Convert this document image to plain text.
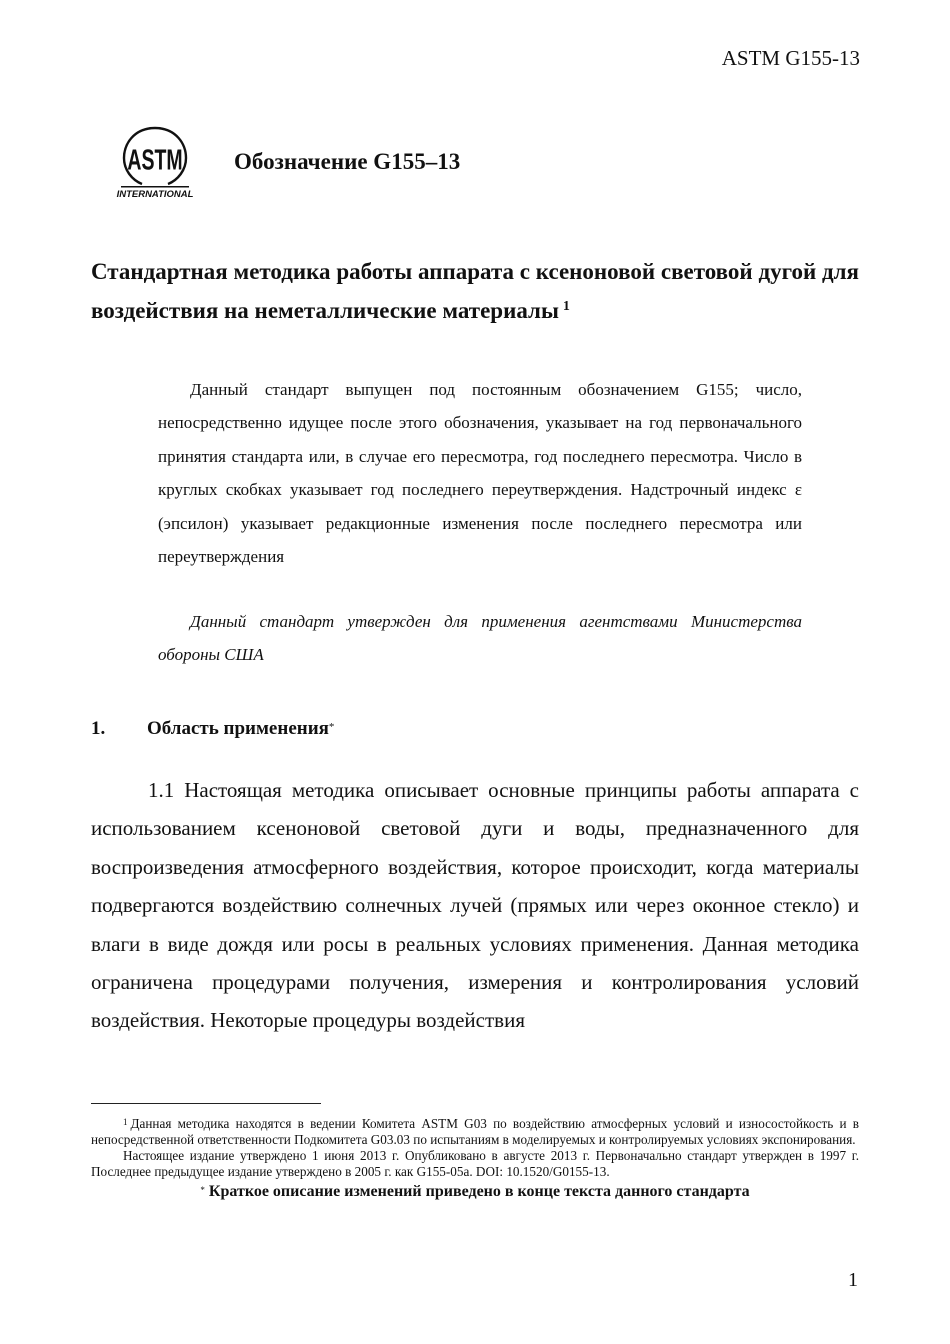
ASTM G155-13
ASTM
INTERNATIONAL
Обозначение G155–13
Стандартная методика работы аппарата с ксеноновой световой дугой для воздействия на неметаллические материалы $^1$
Данный стандарт выпущен под постоянным обозначением G155; число, непосредственно идущее после этого обозначения, указывает на год первоначального принятия стандарта или, в случае его пересмотра, год последнего пересмотра. Число в круглых скобках указывает год последнего переутверждения. Надстрочный индекс ε (эпсилон) указывает редакционные изменения после последнего пересмотра или переутверждения
Данный стандарт утвержден для применения агентствами Министерства обороны США
1. Область применения*
1.1 Настоящая методика описывает основные принципы работы аппарата с использованием ксеноновой световой дуги и воды, предназначенного для воспроизведения атмосферного воздействия, которое происходит, когда материалы подвергаются воздействию солнечных лучей (прямых или через оконное стекло) и влаги в виде дождя или росы в реальных условиях применения. Данная методика ограничена процедурами получения, измерения и контролирования условий воздействия. Некоторые процедуры воздействия

$^1$ Данная методика находятся в ведении Комитета ASTM G03 по воздействию атмосферных условий и износостойкость и в непосредственной ответственности Подкомитета G03.03 по испытаниям в моделируемых и контролируемых условиях экспонирования.

Настоящее издание утверждено 1 июня 2013 г. Опубликовано в августе 2013 г. Первоначально стандарт утвержден в 1997 г. Последнее предыдущее издание утверждено в 2005 г. как G155-05a. DOI: 10.1520/G0155-13.

* Краткое описание изменений приведено в конце текста данного стандарта

1
